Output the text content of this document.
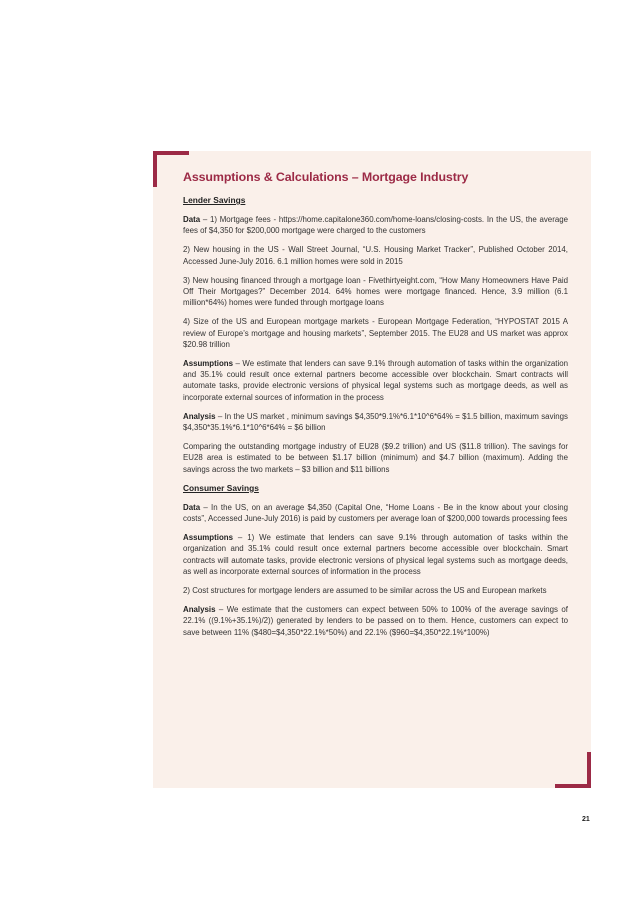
Assumptions & Calculations – Mortgage Industry
Lender Savings

Data – 1) Mortgage fees - https://home.capitalone360.com/home-loans/closing-costs. In the US, the average fees of $4,350 for $200,000 mortgage were charged to the customers

2) New housing in the US - Wall Street Journal, “U.S. Housing Market Tracker”, Published October 2014, Accessed June-July 2016. 6.1 million homes were sold in 2015

3) New housing financed through a mortgage loan - Fivethirtyeight.com, “How Many Homeowners Have Paid Off Their Mortgages?” December 2014. 64% homes were mortgage financed. Hence, 3.9 million (6.1 million*64%) homes were funded through mortgage loans

4) Size of the US and European mortgage markets - European Mortgage Federation, “HYPOSTAT 2015 A review of Europe’s mortgage and housing markets”, September 2015. The EU28 and US market was approx $20.98 trillion

Assumptions – We estimate that lenders can save 9.1% through automation of tasks within the organization and 35.1% could result once external partners become accessible over blockchain. Smart contracts will automate tasks, provide electronic versions of physical legal systems such as mortgage deeds, as well as incorporate external sources of information in the process

Analysis – In the US market , minimum savings $4,350*9.1%*6.1*10^6*64% = $1.5 billion, maximum savings $4,350*35.1%*6.1*10^6*64% = $6 billion

Comparing the outstanding mortgage industry of EU28 ($9.2 trillion) and US ($11.8 trillion). The savings for EU28 area is estimated to be between $1.17 billion (minimum) and $4.7 billion (maximum). Adding the savings across the two markets – $3 billion and $11 billions

Consumer Savings

Data – In the US, on an average $4,350 (Capital One, “Home Loans - Be in the know about your closing costs”, Accessed June-July 2016) is paid by customers per average loan of $200,000 towards processing fees

Assumptions – 1) We estimate that lenders can save 9.1% through automation of tasks within the organization and 35.1% could result once external partners become accessible over blockchain. Smart contracts will automate tasks, provide electronic versions of physical legal systems such as mortgage deeds, as well as incorporate external sources of information in the process

2) Cost structures for mortgage lenders are assumed to be similar across the US and European markets

Analysis – We estimate that the customers can expect between 50% to 100% of the average savings of 22.1% ((9.1%+35.1%)/2)) generated by lenders to be passed on to them. Hence, customers can expect to save between 11% ($480=$4,350*22.1%*50%) and 22.1% ($960=$4,350*22.1%*100%)

21
